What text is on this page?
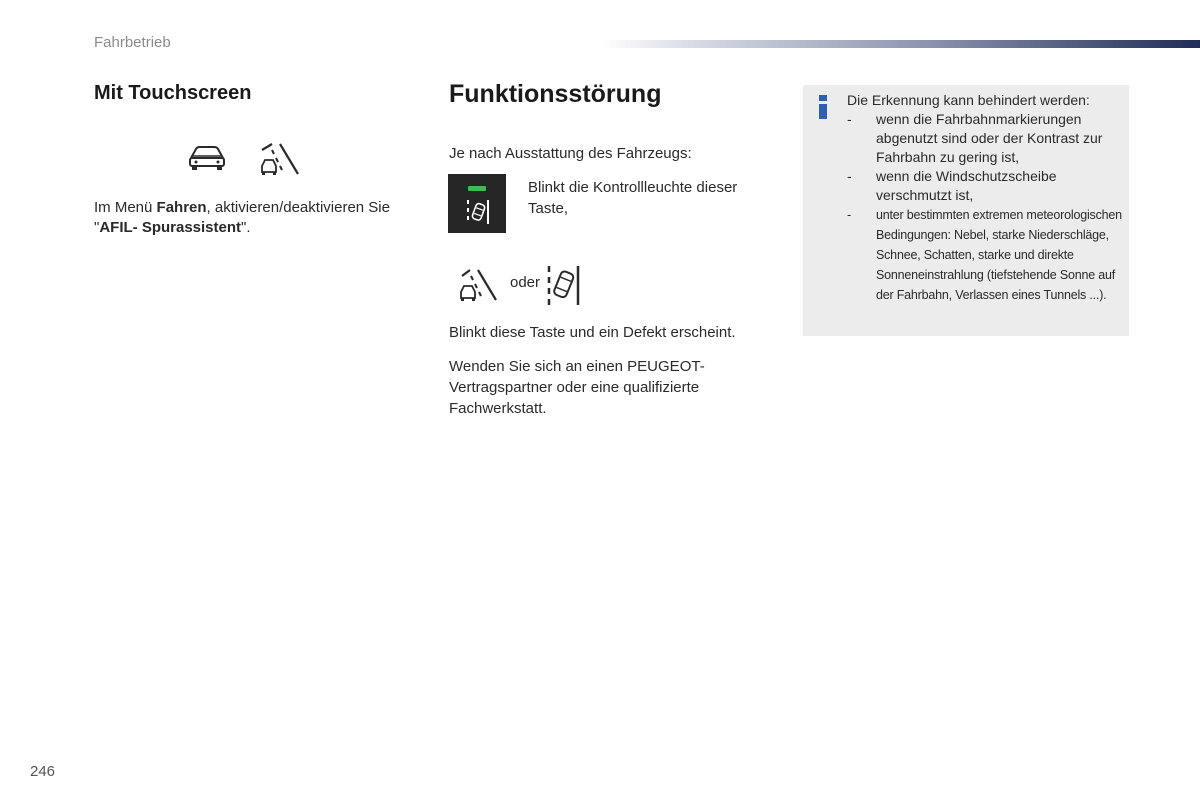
Fahrbetrieb
Mit Touchscreen
Im Menü Fahren, aktivieren/deaktivieren Sie "AFIL- Spurassistent".
Funktionsstörung
Je nach Ausstattung des Fahrzeugs:
Blinkt die Kontrollleuchte dieser Taste,
oder
Blinkt diese Taste und ein Defekt erscheint.
Wenden Sie sich an einen PEUGEOT-Vertragspartner oder eine qualifizierte Fachwerkstatt.

Die Erkennung kann behindert werden:

- wenn die Fahrbahnmarkierungen abgenutzt sind oder der Kontrast zur Fahrbahn zu gering ist,
- wenn die Windschutzscheibe verschmutzt ist,
- unter bestimmten extremen meteorologischen Bedingungen: Nebel, starke Niederschläge, Schnee, Schatten, starke und direkte Sonneneinstrahlung (tiefstehende Sonne auf der Fahrbahn, Verlassen eines Tunnels ...).
246
